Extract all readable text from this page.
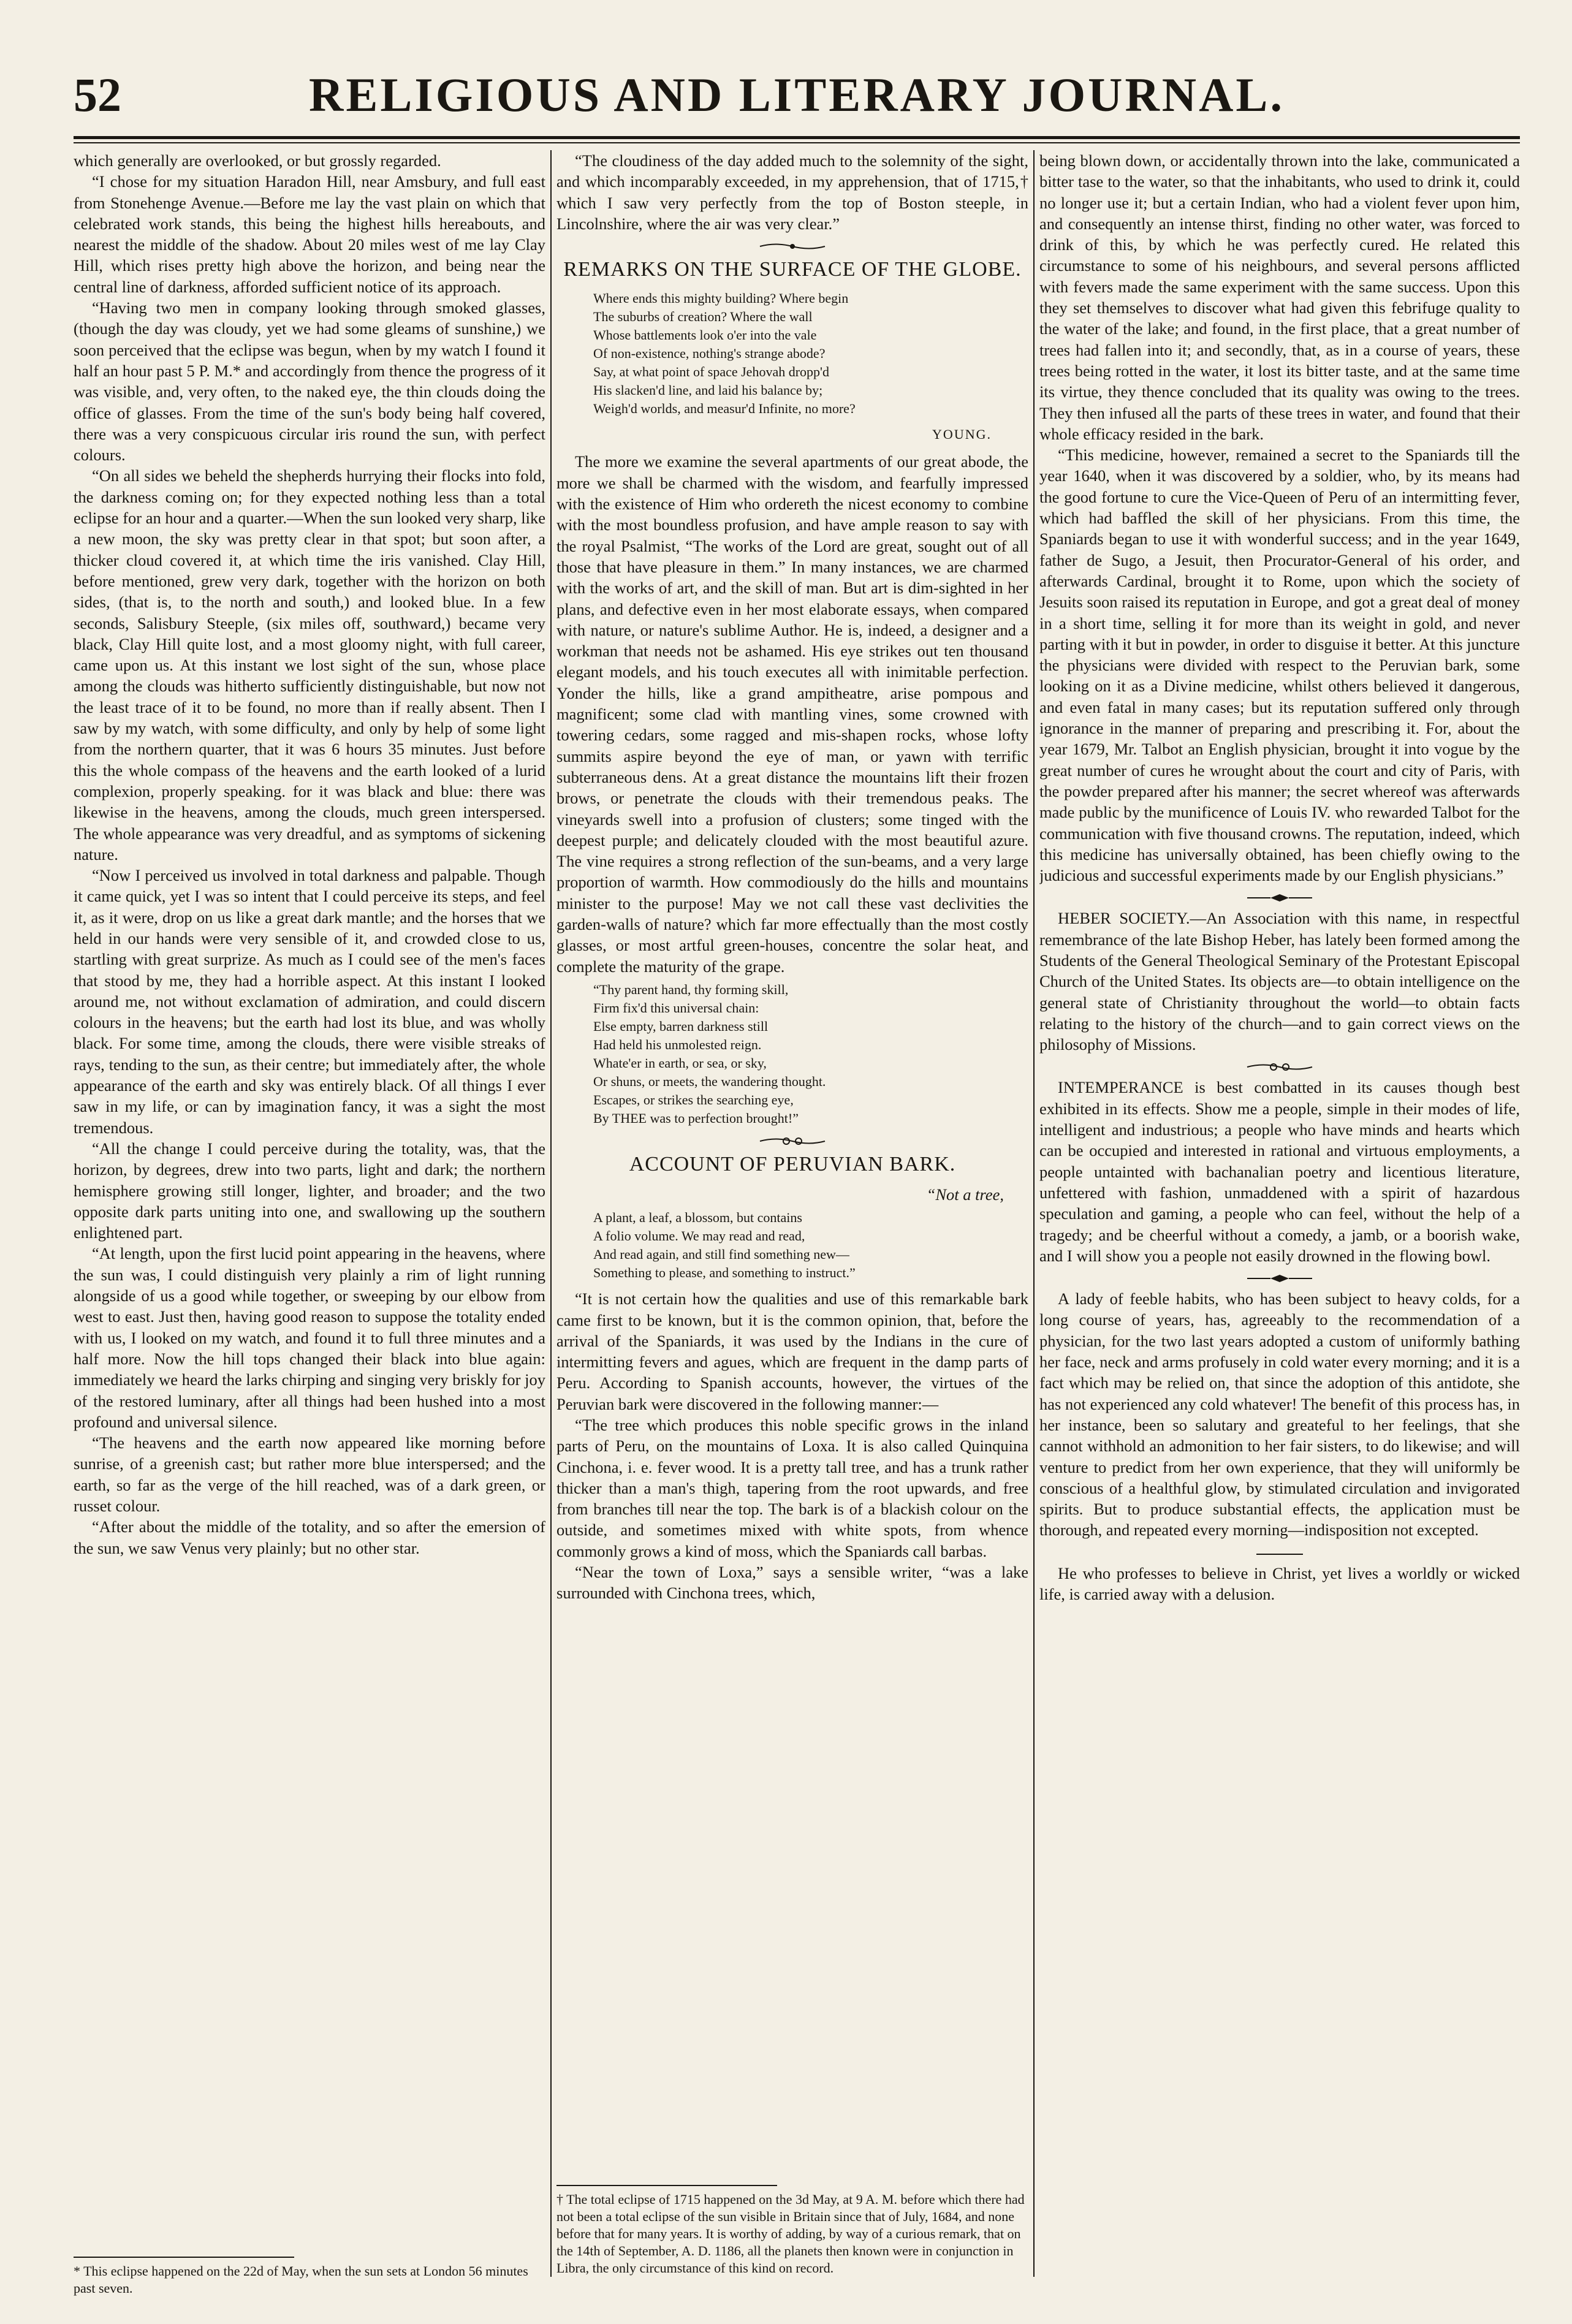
52	RELIGIOUS AND LITERARY JOURNAL.

which generally are overlooked, or but grossly regarded.

“I chose for my situation Haradon Hill, near Amsbury, and full east from Stonehenge Avenue.—Before me lay the vast plain on which that celebrated work stands, this being the highest hills hereabouts, and nearest the middle of the shadow. About 20 miles west of me lay Clay Hill, which rises pretty high above the horizon, and being near the central line of darkness, afforded sufficient notice of its approach.

“Having two men in company looking through smoked glasses, (though the day was cloudy, yet we had some gleams of sunshine,) we soon perceived that the eclipse was begun, when by my watch I found it half an hour past 5 P. M.* and accordingly from thence the progress of it was visible, and, very often, to the naked eye, the thin clouds doing the office of glasses. From the time of the sun's body being half covered, there was a very conspicuous circular iris round the sun, with perfect colours.

“On all sides we beheld the shepherds hurrying their flocks into fold, the darkness coming on; for they expected nothing less than a total eclipse for an hour and a quarter.—When the sun looked very sharp, like a new moon, the sky was pretty clear in that spot; but soon after, a thicker cloud covered it, at which time the iris vanished. Clay Hill, before mentioned, grew very dark, together with the horizon on both sides, (that is, to the north and south,) and looked blue. In a few seconds, Salisbury Steeple, (six miles off, southward,) became very black, Clay Hill quite lost, and a most gloomy night, with full career, came upon us. At this instant we lost sight of the sun, whose place among the clouds was hitherto sufficiently distinguishable, but now not the least trace of it to be found, no more than if really absent. Then I saw by my watch, with some difficulty, and only by help of some light from the northern quarter, that it was 6 hours 35 minutes. Just before this the whole compass of the heavens and the earth looked of a lurid complexion, properly speaking. for it was black and blue: there was likewise in the heavens, among the clouds, much green interspersed. The whole appearance was very dreadful, and as symptoms of sickening nature.

“Now I perceived us involved in total darkness and palpable. Though it came quick, yet I was so intent that I could perceive its steps, and feel it, as it were, drop on us like a great dark mantle; and the horses that we held in our hands were very sensible of it, and crowded close to us, startling with great surprize. As much as I could see of the men's faces that stood by me, they had a horrible aspect. At this instant I looked around me, not without exclamation of admiration, and could discern colours in the heavens; but the earth had lost its blue, and was wholly black. For some time, among the clouds, there were visible streaks of rays, tending to the sun, as their centre; but immediately after, the whole appearance of the earth and sky was entirely black. Of all things I ever saw in my life, or can by imagination fancy, it was a sight the most tremendous.

“All the change I could perceive during the totality, was, that the horizon, by degrees, drew into two parts, light and dark; the northern hemisphere growing still longer, lighter, and broader; and the two opposite dark parts uniting into one, and swallowing up the southern enlightened part.

“At length, upon the first lucid point appearing in the heavens, where the sun was, I could distinguish very plainly a rim of light running alongside of us a good while together, or sweeping by our elbow from west to east. Just then, having good reason to suppose the totality ended with us, I looked on my watch, and found it to full three minutes and a half more. Now the hill tops changed their black into blue again: immediately we heard the larks chirping and singing very briskly for joy of the restored luminary, after all things had been hushed into a most profound and universal silence.

“The heavens and the earth now appeared like morning before sunrise, of a greenish cast; but rather more blue interspersed; and the earth, so far as the verge of the hill reached, was of a dark green, or russet colour.

“After about the middle of the totality, and so after the emersion of the sun, we saw Venus very plainly; but no other star.

* This eclipse happened on the 22d of May, when the sun sets at London 56 minutes past seven.

“The cloudiness of the day added much to the solemnity of the sight, and which incomparably exceeded, in my apprehension, that of 1715,† which I saw very perfectly from the top of Boston steeple, in Lincolnshire, where the air was very clear.”

REMARKS ON THE SURFACE OF THE GLOBE.
Where ends this mighty building? Where begin
The suburbs of creation? Where the wall
Whose battlements look o'er into the vale
Of non-existence, nothing's strange abode?
Say, at what point of space Jehovah dropp'd
His slacken'd line, and laid his balance by;
Weigh'd worlds, and measur'd Infinite, no more?
YOUNG.

The more we examine the several apartments of our great abode, the more we shall be charmed with the wisdom, and fearfully impressed with the existence of Him who ordereth the nicest economy to combine with the most boundless profusion, and have ample reason to say with the royal Psalmist, “The works of the Lord are great, sought out of all those that have pleasure in them.” In many instances, we are charmed with the works of art, and the skill of man. But art is dim-sighted in her plans, and defective even in her most elaborate essays, when compared with nature, or nature's sublime Author. He is, indeed, a designer and a workman that needs not be ashamed. His eye strikes out ten thousand elegant models, and his touch executes all with inimitable perfection. Yonder the hills, like a grand ampitheatre, arise pompous and magnificent; some clad with mantling vines, some crowned with towering cedars, some ragged and mis-shapen rocks, whose lofty summits aspire beyond the eye of man, or yawn with terrific subterraneous dens. At a great distance the mountains lift their frozen brows, or penetrate the clouds with their tremendous peaks. The vineyards swell into a profusion of clusters; some tinged with the deepest purple; and delicately clouded with the most beautiful azure. The vine requires a strong reflection of the sun-beams, and a very large proportion of warmth. How commodiously do the hills and mountains minister to the purpose! May we not call these vast declivities the garden-walls of nature? which far more effectually than the most costly glasses, or most artful green-houses, concentre the solar heat, and complete the maturity of the grape.

“Thy parent hand, thy forming skill,
Firm fix'd this universal chain:
Else empty, barren darkness still
Had held his unmolested reign.
Whate'er in earth, or sea, or sky,
Or shuns, or meets, the wandering thought.
Escapes, or strikes the searching eye,
By THEE was to perfection brought!”
ACCOUNT OF PERUVIAN BARK.
“Not a tree,
A plant, a leaf, a blossom, but contains
A folio volume. We may read and read,
And read again, and still find something new—
Something to please, and something to instruct.”

“It is not certain how the qualities and use of this remarkable bark came first to be known, but it is the common opinion, that, before the arrival of the Spaniards, it was used by the Indians in the cure of intermitting fevers and agues, which are frequent in the damp parts of Peru. According to Spanish accounts, however, the virtues of the Peruvian bark were discovered in the following manner:—

“The tree which produces this noble specific grows in the inland parts of Peru, on the mountains of Loxa. It is also called Quinquina Cinchona, i. e. fever wood. It is a pretty tall tree, and has a trunk rather thicker than a man's thigh, tapering from the root upwards, and free from branches till near the top. The bark is of a blackish colour on the outside, and sometimes mixed with white spots, from whence commonly grows a kind of moss, which the Spaniards call barbas.

“Near the town of Loxa,” says a sensible writer, “was a lake surrounded with Cinchona trees, which,

† The total eclipse of 1715 happened on the 3d May, at 9 A. M. before which there had not been a total eclipse of the sun visible in Britain since that of July, 1684, and none before that for many years. It is worthy of adding, by way of a curious remark, that on the 14th of September, A. D. 1186, all the planets then known were in conjunction in Libra, the only circumstance of this kind on record.

being blown down, or accidentally thrown into the lake, communicated a bitter tase to the water, so that the inhabitants, who used to drink it, could no longer use it; but a certain Indian, who had a violent fever upon him, and consequently an intense thirst, finding no other water, was forced to drink of this, by which he was perfectly cured. He related this circumstance to some of his neighbours, and several persons afflicted with fevers made the same experiment with the same success. Upon this they set themselves to discover what had given this febrifuge quality to the water of the lake; and found, in the first place, that a great number of trees had fallen into it; and secondly, that, as in a course of years, these trees being rotted in the water, it lost its bitter taste, and at the same time its virtue, they thence concluded that its quality was owing to the trees. They then infused all the parts of these trees in water, and found that their whole efficacy resided in the bark.

“This medicine, however, remained a secret to the Spaniards till the year 1640, when it was discovered by a soldier, who, by its means had the good fortune to cure the Vice-Queen of Peru of an intermitting fever, which had baffled the skill of her physicians. From this time, the Spaniards began to use it with wonderful success; and in the year 1649, father de Sugo, a Jesuit, then Procurator-General of his order, and afterwards Cardinal, brought it to Rome, upon which the society of Jesuits soon raised its reputation in Europe, and got a great deal of money in a short time, selling it for more than its weight in gold, and never parting with it but in powder, in order to disguise it better. At this juncture the physicians were divided with respect to the Peruvian bark, some looking on it as a Divine medicine, whilst others believed it dangerous, and even fatal in many cases; but its reputation suffered only through ignorance in the manner of preparing and prescribing it. For, about the year 1679, Mr. Talbot an English physician, brought it into vogue by the great number of cures he wrought about the court and city of Paris, with the powder prepared after his manner; the secret whereof was afterwards made public by the munificence of Louis IV. who rewarded Talbot for the communication with five thousand crowns. The reputation, indeed, which this medicine has universally obtained, has been chiefly owing to the judicious and successful experiments made by our English physicians.”

HEBER SOCIETY.—An Association with this name, in respectful remembrance of the late Bishop Heber, has lately been formed among the Students of the General Theological Seminary of the Protestant Episcopal Church of the United States. Its objects are—to obtain intelligence on the general state of Christianity throughout the world—to obtain facts relating to the history of the church—and to gain correct views on the philosophy of Missions.

INTEMPERANCE is best combatted in its causes though best exhibited in its effects. Show me a people, simple in their modes of life, intelligent and industrious; a people who have minds and hearts which can be occupied and interested in rational and virtuous employments, a people untainted with bachanalian poetry and licentious literature, unfettered with fashion, unmaddened with a spirit of hazardous speculation and gaming, a people who can feel, without the help of a tragedy; and be cheerful without a comedy, a jamb, or a boorish wake, and I will show you a people not easily drowned in the flowing bowl.

A lady of feeble habits, who has been subject to heavy colds, for a long course of years, has, agreeably to the recommendation of a physician, for the two last years adopted a custom of uniformly bathing her face, neck and arms profusely in cold water every morning; and it is a fact which may be relied on, that since the adoption of this antidote, she has not experienced any cold whatever! The benefit of this process has, in her instance, been so salutary and greateful to her feelings, that she cannot withhold an admonition to her fair sisters, to do likewise; and will venture to predict from her own experience, that they will uniformly be conscious of a healthful glow, by stimulated circulation and invigorated spirits. But to produce substantial effects, the application must be thorough, and repeated every morning—indisposition not excepted.

He who professes to believe in Christ, yet lives a worldly or wicked life, is carried away with a delusion.
